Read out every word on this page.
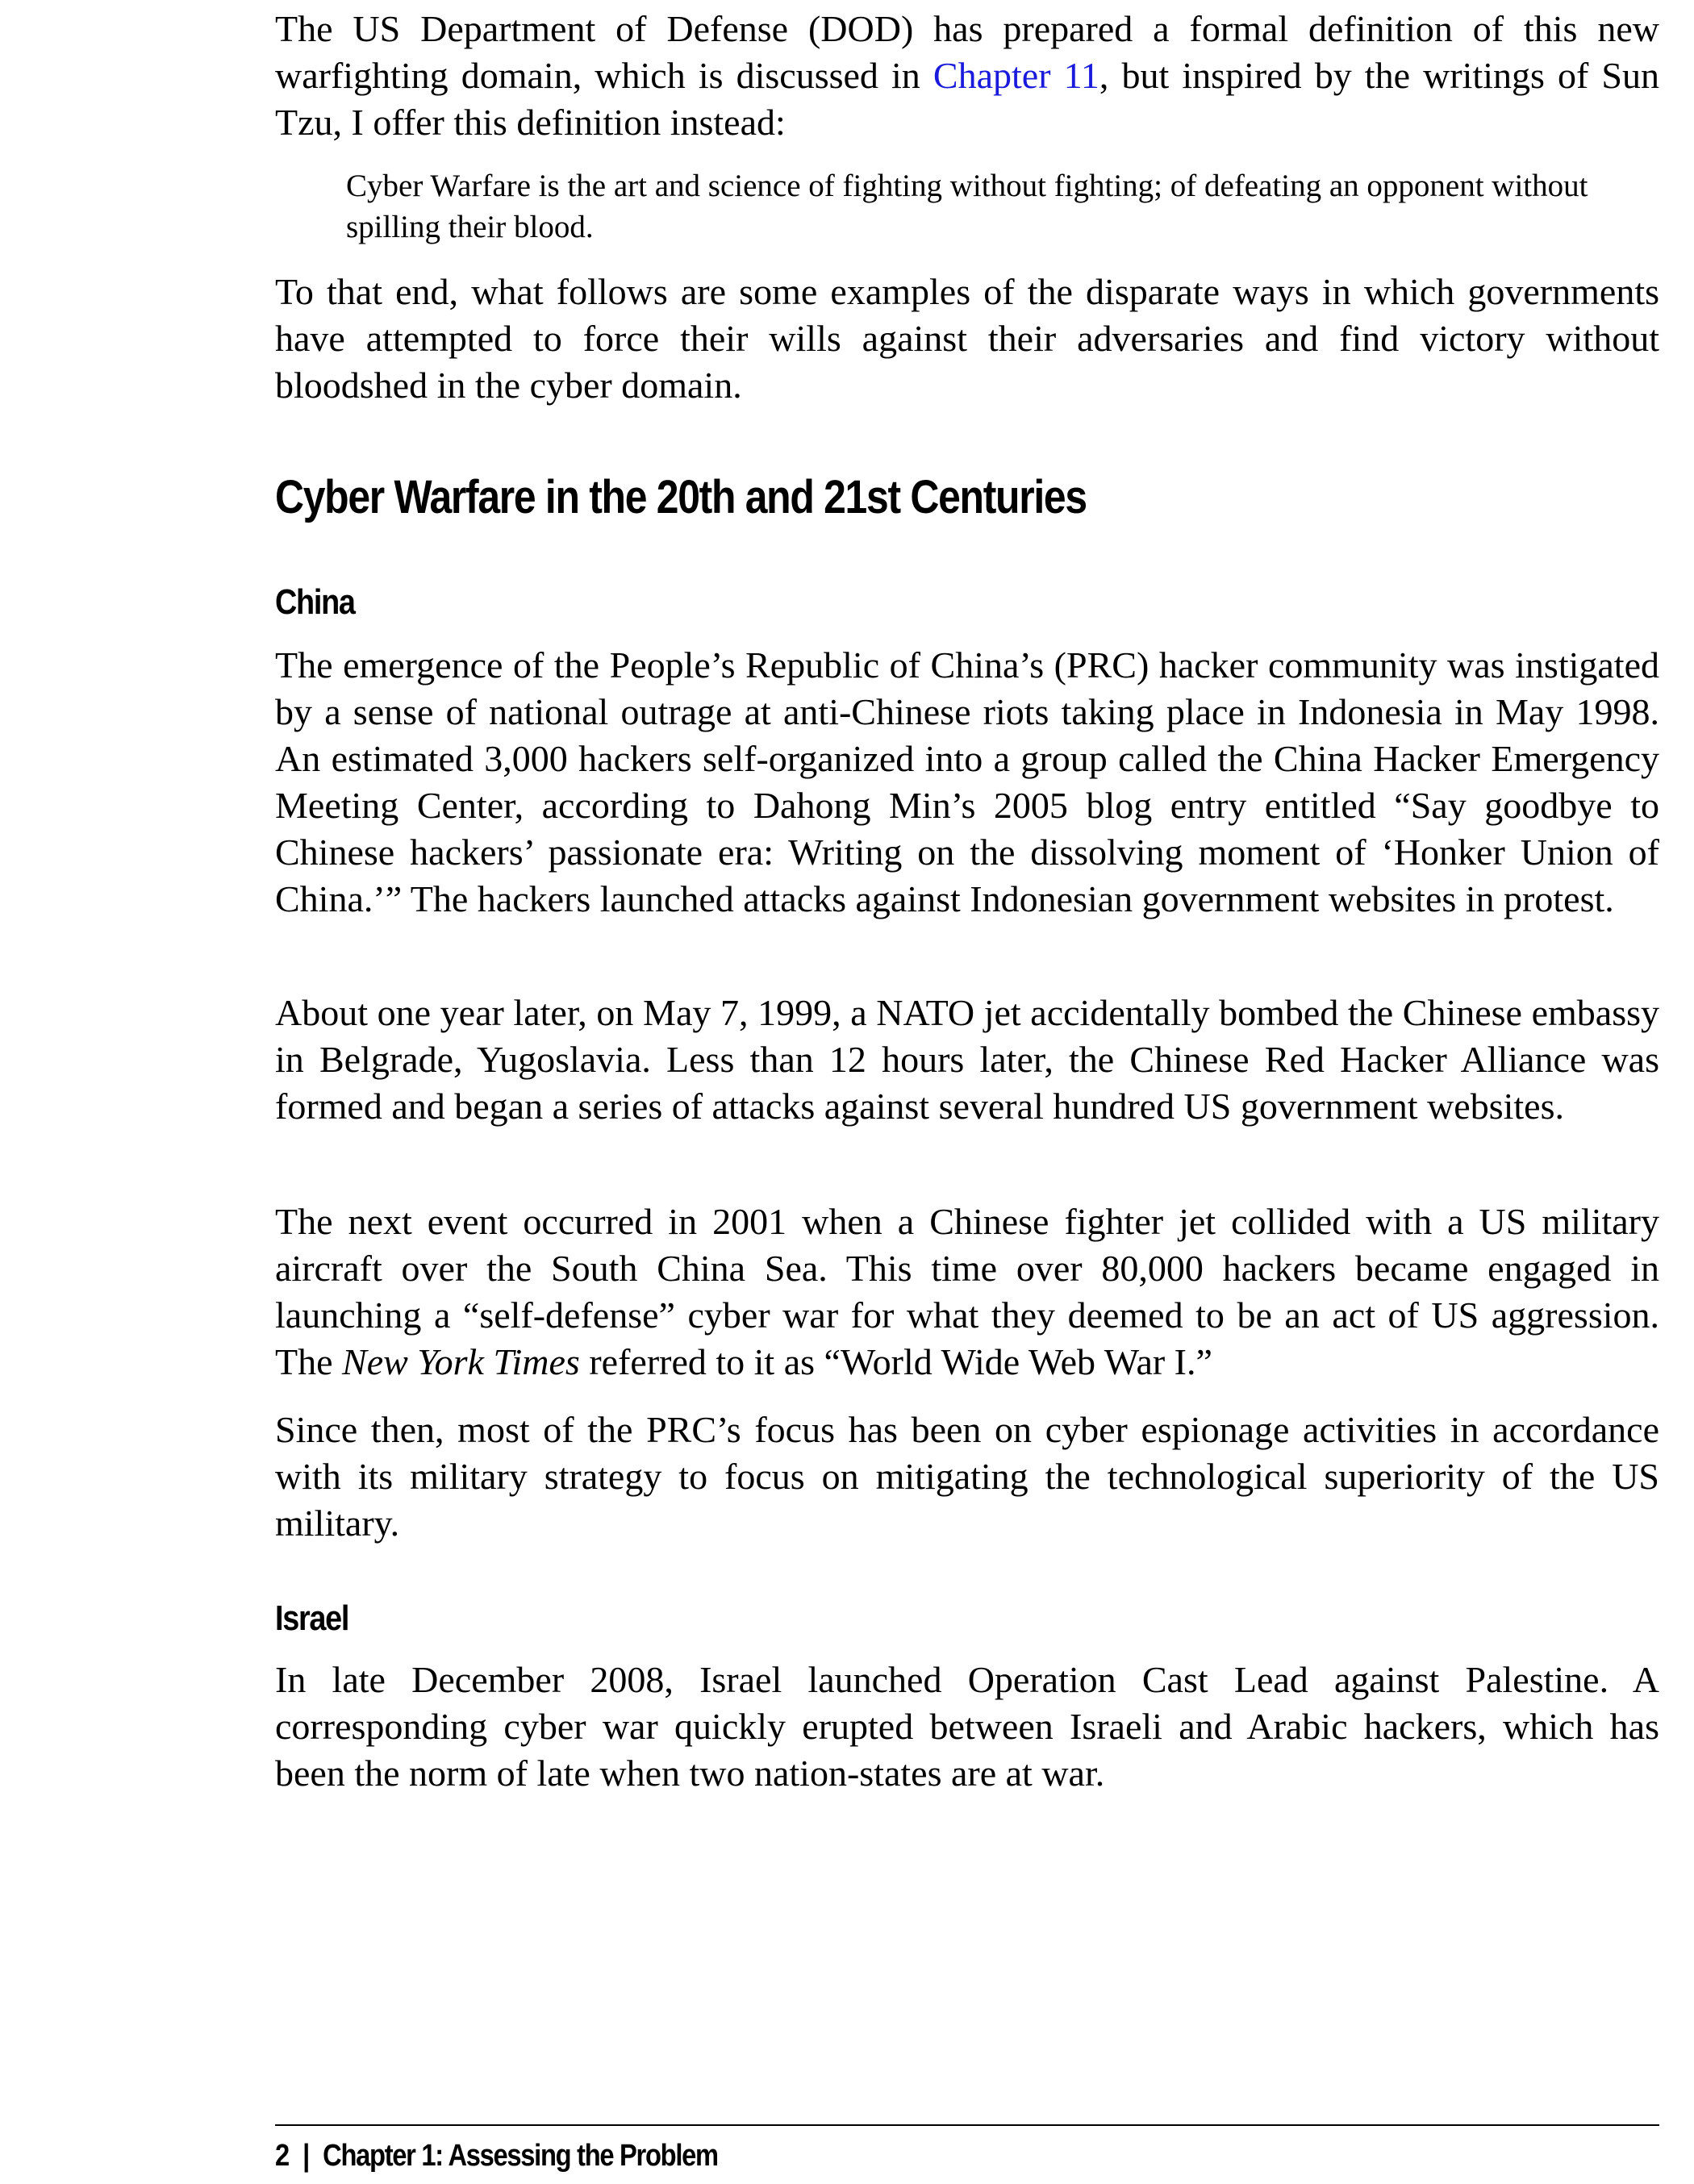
The US Department of Defense (DOD) has prepared a formal definition of this new warfighting domain, which is discussed in Chapter 11, but inspired by the writings of Sun Tzu, I offer this definition instead:

Cyber Warfare is the art and science of fighting without fighting; of defeating an opponent without spilling their blood.

To that end, what follows are some examples of the disparate ways in which governments have attempted to force their wills against their adversaries and find victory without bloodshed in the cyber domain.

Cyber Warfare in the 20th and 21st Centuries
China

The emergence of the People’s Republic of China’s (PRC) hacker community was instigated by a sense of national outrage at anti-Chinese riots taking place in Indonesia in May 1998. An estimated 3,000 hackers self-organized into a group called the China Hacker Emergency Meeting Center, according to Dahong Min’s 2005 blog entry entitled “Say goodbye to Chinese hackers’ passionate era: Writing on the dissolving moment of ‘Honker Union of China.’” The hackers launched attacks against Indonesian government websites in protest.

About one year later, on May 7, 1999, a NATO jet accidentally bombed the Chinese embassy in Belgrade, Yugoslavia. Less than 12 hours later, the Chinese Red Hacker Alliance was formed and began a series of attacks against several hundred US government websites.

The next event occurred in 2001 when a Chinese fighter jet collided with a US military aircraft over the South China Sea. This time over 80,000 hackers became engaged in launching a “self-defense” cyber war for what they deemed to be an act of US aggression. The New York Times referred to it as “World Wide Web War I.”

Since then, most of the PRC’s focus has been on cyber espionage activities in accordance with its military strategy to focus on mitigating the technological superiority of the US military.

Israel

In late December 2008, Israel launched Operation Cast Lead against Palestine. A corresponding cyber war quickly erupted between Israeli and Arabic hackers, which has been the norm of late when two nation-states are at war.

2 | Chapter 1: Assessing the Problem
